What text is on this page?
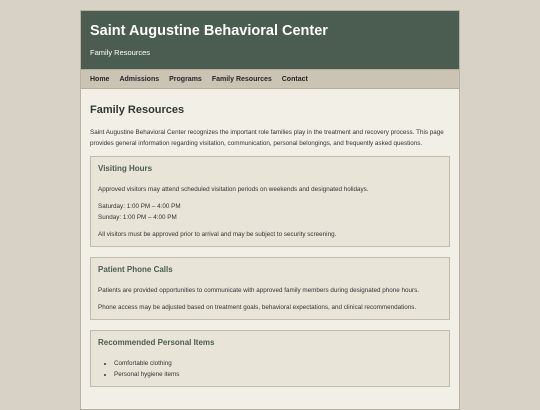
Saint Augustine Behavioral Center
Family Resources
Home	Admissions	Programs	Family Resources	Contact
Family Resources

Saint Augustine Behavioral Center recognizes the important role families play in the treatment and recovery process. This page provides general information regarding visitation, communication, personal belongings, and frequently asked questions.

Visiting Hours

Approved visitors may attend scheduled visitation periods on weekends and designated holidays.

Saturday: 1:00 PM – 4:00 PM

Sunday: 1:00 PM – 4:00 PM

All visitors must be approved prior to arrival and may be subject to security screening.

Patient Phone Calls

Patients are provided opportunities to communicate with approved family members during designated phone hours.

Phone access may be adjusted based on treatment goals, behavioral expectations, and clinical recommendations.

Recommended Personal Items
• Comfortable clothing
• Personal hygiene items
